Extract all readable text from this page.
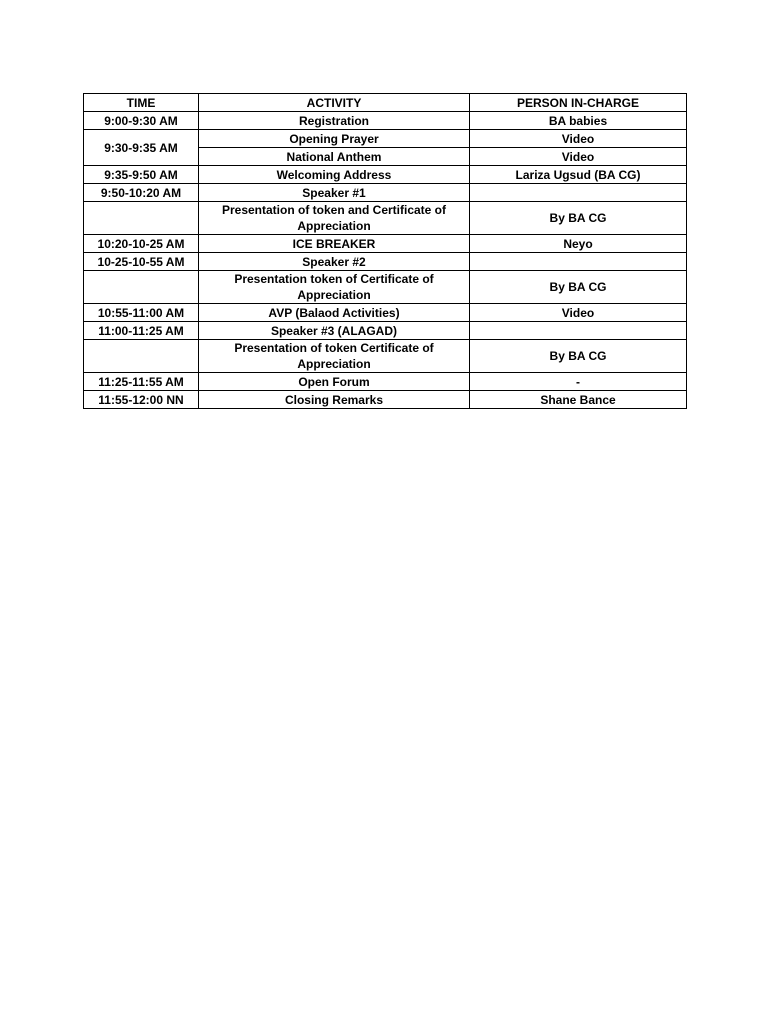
TIME	ACTIVITY	PERSON IN-CHARGE
9:00-9:30 AM	Registration	BA babies
9:30-9:35 AM	Opening Prayer	Video
	National Anthem	Video
9:35-9:50 AM	Welcoming Address	Lariza Ugsud (BA CG)
9:50-10:20 AM	Speaker #1	
	Presentation of token and Certificate of Appreciation	By BA CG
10:20-10-25 AM	ICE BREAKER	Neyo
10-25-10-55 AM	Speaker #2	
	Presentation token of Certificate of Appreciation	By BA CG
10:55-11:00 AM	AVP (Balaod Activities)	Video
11:00-11:25 AM	Speaker #3 (ALAGAD)	
	Presentation of token Certificate of Appreciation	By BA CG
11:25-11:55 AM	Open Forum	-
11:55-12:00 NN	Closing Remarks	Shane Bance
